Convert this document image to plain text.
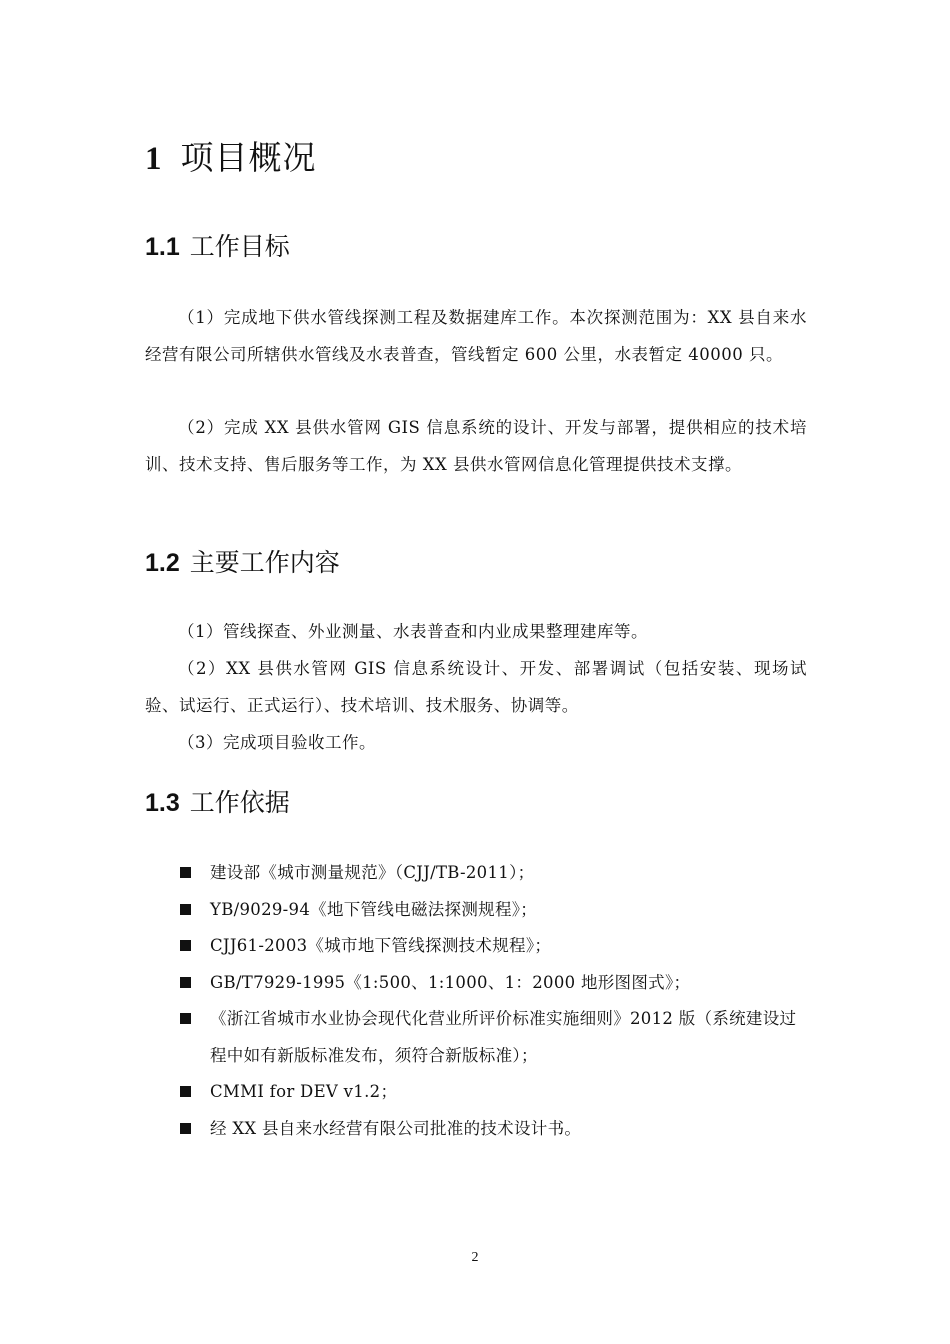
1 项目概况
1.1 工作目标

（1）完成地下供水管线探测工程及数据建库工作。本次探测范围为：XX 县自来水经营有限公司所辖供水管线及水表普查，管线暂定 600 公里，水表暂定 40000 只。

（2）完成 XX 县供水管网 GIS 信息系统的设计、开发与部署，提供相应的技术培训、技术支持、售后服务等工作，为 XX 县供水管网信息化管理提供技术支撑。

1.2 主要工作内容

（1）管线探查、外业测量、水表普查和内业成果整理建库等。

（2）XX 县供水管网 GIS 信息系统设计、开发、部署调试（包括安装、现场试验、试运行、正式运行）、技术培训、技术服务、协调等。

（3）完成项目验收工作。

1.3 工作依据
建设部《城市测量规范》（CJJ/TB-2011）；
YB/9029-94《地下管线电磁法探测规程》；
CJJ61-2003《城市地下管线探测技术规程》；
GB/T7929-1995《1:500、1:1000、1：2000 地形图图式》；
《浙江省城市水业协会现代化营业所评价标准实施细则》2012 版（系统建设过程中如有新版标准发布，须符合新版标准）；
CMMI for DEV v1.2；
经 XX 县自来水经营有限公司批准的技术设计书。
2
